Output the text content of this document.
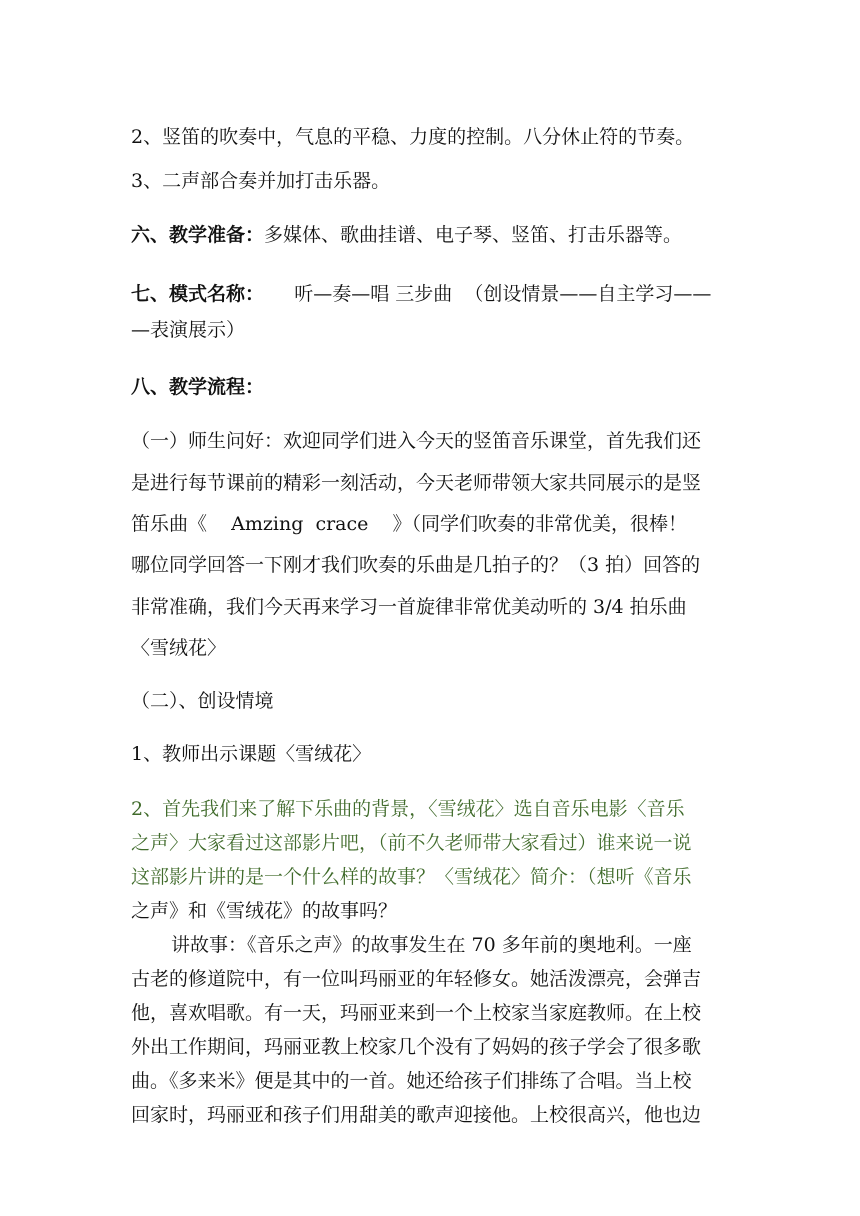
2、竖笛的吹奏中，气息的平稳、力度的控制。八分休止符的节奏。
3、二声部合奏并加打击乐器。
六、教学准备：多媒体、歌曲挂谱、电子琴、竖笛、打击乐器等。
七、模式名称：     听—奏—唱 三步曲  （创设情景——自主学习——
—表演展示）
八、教学流程：
（一）师生问好：欢迎同学们进入今天的竖笛音乐课堂，首先我们还
是进行每节课前的精彩一刻活动，今天老师带领大家共同展示的是竖
笛乐曲《    Amzing  crace    》（同学们吹奏的非常优美，很棒！
哪位同学回答一下刚才我们吹奏的乐曲是几拍子的？（3 拍）回答的
非常准确，我们今天再来学习一首旋律非常优美动听的 3/4 拍乐曲
〈雪绒花〉
（二）、创设情境
1、教师出示课题〈雪绒花〉
2、首先我们来了解下乐曲的背景，〈雪绒花〉选自音乐电影〈音乐
之声〉大家看过这部影片吧，（前不久老师带大家看过）谁来说一说
这部影片讲的是一个什么样的故事？〈雪绒花〉简介：（想听《音乐
之声》和《雪绒花》的故事吗？
讲故事：《音乐之声》的故事发生在 70 多年前的奥地利。一座
古老的修道院中，有一位叫玛丽亚的年轻修女。她活泼漂亮，会弹吉
他，喜欢唱歌。有一天，玛丽亚来到一个上校家当家庭教师。在上校
外出工作期间，玛丽亚教上校家几个没有了妈妈的孩子学会了很多歌
曲。《多来米》便是其中的一首。她还给孩子们排练了合唱。当上校
回家时，玛丽亚和孩子们用甜美的歌声迎接他。上校很高兴，他也边
